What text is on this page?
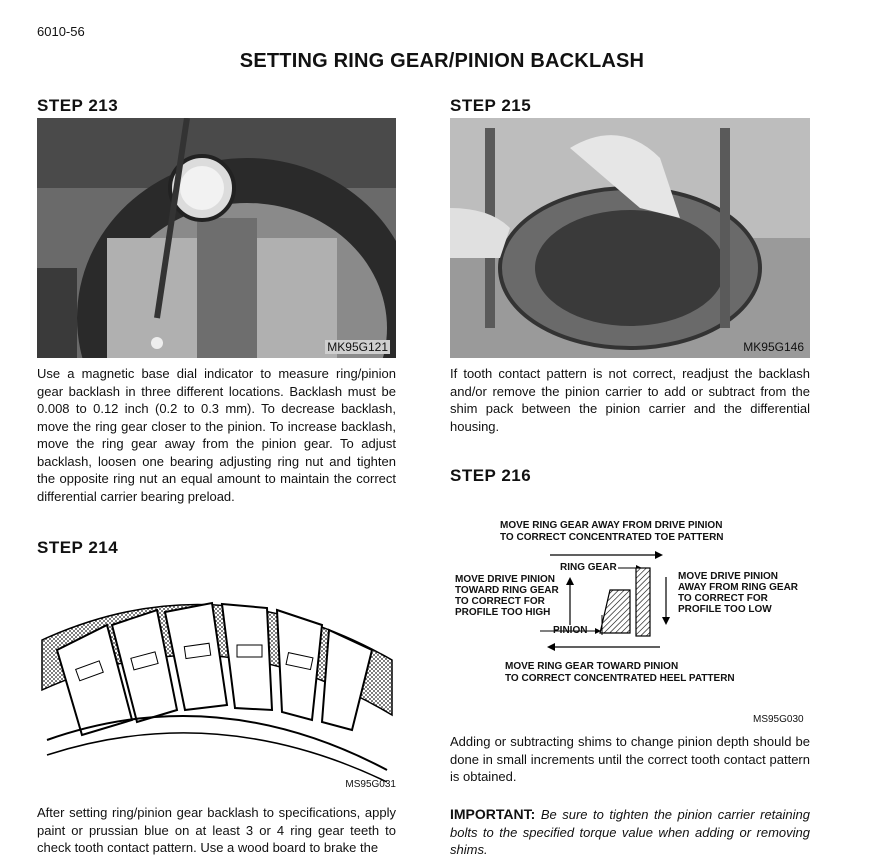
6010-56
SETTING RING GEAR/PINION BACKLASH
STEP 213
MK95G121
Use a magnetic base dial indicator to measure ring/pinion gear backlash in three different locations. Backlash must be 0.008 to 0.12 inch (0.2 to 0.3 mm). To decrease backlash, move the ring gear closer to the pinion. To increase backlash, move the ring gear away from the pinion gear. To adjust backlash, loosen one bearing adjusting ring nut and tighten the opposite ring nut an equal amount to maintain the correct differential carrier bearing preload.
STEP 214
MS95G031
After setting ring/pinion gear backlash to specifications, apply paint or prussian blue on at least 3 or 4 ring gear teeth to check tooth contact pattern. Use a wood board to brake the
STEP 215
MK95G146
If tooth contact pattern is not correct, readjust the backlash and/or remove the pinion carrier to add or subtract from the shim pack between the pinion carrier and the differential housing.
STEP 216
MOVE RING GEAR AWAY FROM DRIVE PINION
TO CORRECT CONCENTRATED TOE PATTERN
RING GEAR
MOVE DRIVE PINION
TOWARD RING GEAR
TO CORRECT FOR
PROFILE TOO HIGH
MOVE DRIVE PINION
AWAY FROM RING GEAR
TO CORRECT FOR
PROFILE TOO LOW
PINION
MOVE RING GEAR TOWARD PINION
TO CORRECT CONCENTRATED HEEL PATTERN
MS95G030
Adding or subtracting shims to change pinion depth should be done in small increments until the correct tooth contact pattern is obtained.
IMPORTANT: Be sure to tighten the pinion carrier retaining bolts to the specified torque value when adding or removing shims.
